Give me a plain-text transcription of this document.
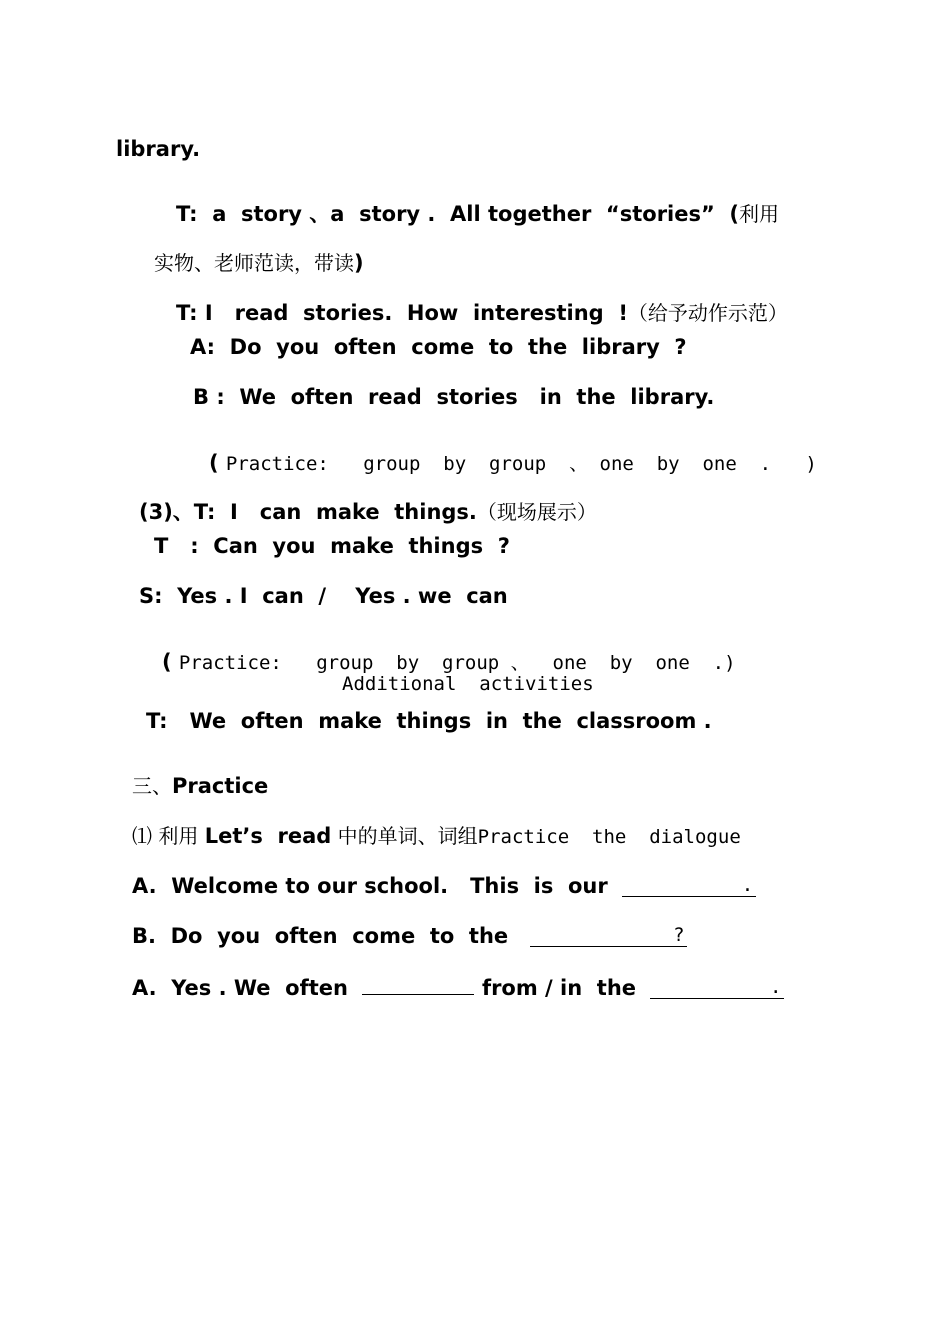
library.

T:  a  story 、a  story .  All together  “stories”  (利用

实物、老师范读，带读)

T: I   read  stories.  How  interesting  !（给予动作示范）

A:  Do  you  often  come  to  the  library  ?
B :  We  often  read  stories   in  the  library.

( Practice:   group  by  group  、 one  by  one  .   )

(3)、T:  I   can  make  things.（现场展示）

T   :  Can  you  make  things  ?
S:  Yes . I  can  /    Yes . we  can

( Practice:   group  by  group 、  one  by  one  .)

Additional  activities
T:   We  often  make  things  in  the  classroom .

三、Practice

⑴ 利用 Let’s  read 中的单词、词组Practice  the  dialogue

A.  Welcome to our school.   This  is  our	.

B.  Do  you  often  come  to  the	?

A.  Yes . We  often	from / in  the	.
